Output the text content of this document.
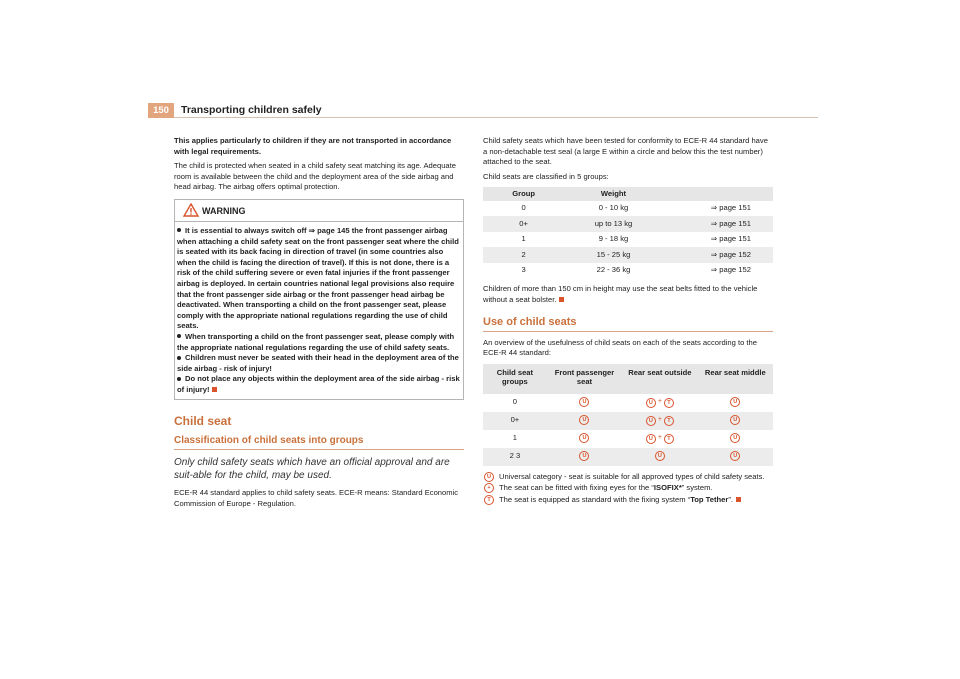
150	Transporting children safely

This applies particularly to children if they are not transported in accordance with legal requirements.

The child is protected when seated in a child safety seat matching its age. Adequate room is available between the child and the deployment area of the side airbag and head airbag. The airbag offers optimal protection.

WARNING

It is essential to always switch off ⇒ page 145 the front passenger airbag when attaching a child safety seat on the front passenger seat where the child is seated with its back facing in direction of travel (in some countries also when the child is facing the direction of travel). If this is not done, there is a risk of the child suffering severe or even fatal injuries if the front passenger airbag is deployed. In certain countries national legal provisions also require that the front passenger side airbag or the front passenger head airbag be deactivated. When transporting a child on the front passenger seat, please comply with the appropriate national regulations regarding the use of child seats.

When transporting a child on the front passenger seat, please comply with the appropriate national regulations regarding the use of child safety seats.

Children must never be seated with their head in the deployment area of the side airbag - risk of injury!

Do not place any objects within the deployment area of the side airbag - risk of injury!

Child seat
Classification of child seats into groups
Only child safety seats which have an official approval and are suit-able for the child, may be used.

ECE-R 44 standard applies to child safety seats. ECE-R means: Standard Economic Commission of Europe - Regulation.

Child safety seats which have been tested for conformity to ECE-R 44 standard have a non-detachable test seal (a large E within a circle and below this the test number) attached to the seat.

Child seats are classified in 5 groups:

Group	Weight	
0	0 - 10 kg	⇒ page 151
0+	up to 13 kg	⇒ page 151
1	9 - 18 kg	⇒ page 151
2	15 - 25 kg	⇒ page 152
3	22 - 36 kg	⇒ page 152

Children of more than 150 cm in height may use the seat belts fitted to the vehicle without a seat bolster.

Use of child seats

An overview of the usefulness of child seats on each of the seats according to the ECE-R 44 standard:

Child seat groups	Front passenger seat	Rear seat outside	Rear seat middle
0	U	U + T	U
0+	U	U + T	U
1	U	U + T	U
2 3	U	U	U
U	Universal category - seat is suitable for all approved types of child safety seats.
+	The seat can be fitted with fixing eyes for the “ISOFIX*” system.
T	The seat is equipped as standard with the fixing system “Top Tether”.
